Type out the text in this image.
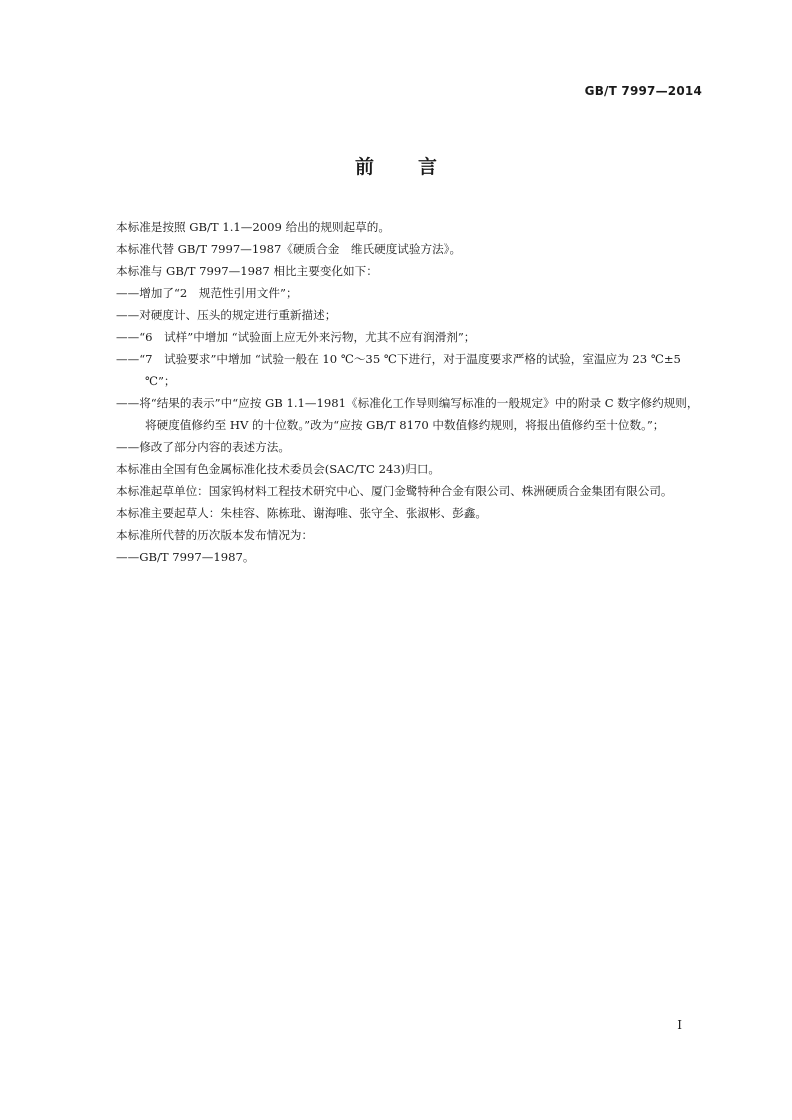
GB/T 7997—2014
前 言

本标准是按照 GB/T 1.1—2009 给出的规则起草的。

本标准代替 GB/T 7997—1987《硬质合金　维氏硬度试验方法》。

本标准与 GB/T 7997—1987 相比主要变化如下：

——增加了“2　规范性引用文件”；

——对硬度计、压头的规定进行重新描述；

——“6　试样”中增加 “试验面上应无外来污物，尤其不应有润滑剂”；

——“7　试验要求”中增加 “试验一般在 10 ℃～35 ℃下进行，对于温度要求严格的试验，室温应为 23 ℃±5 ℃”；

——将“结果的表示”中“应按 GB 1.1—1981《标准化工作导则编写标准的一般规定》中的附录 C 数字修约规则，将硬度值修约至 HV 的十位数。”改为“应按 GB/T 8170 中数值修约规则，将报出值修约至十位数。”；

——修改了部分内容的表述方法。

本标准由全国有色金属标准化技术委员会(SAC/TC 243)归口。

本标准起草单位：国家钨材料工程技术研究中心、厦门金鹭特种合金有限公司、株洲硬质合金集团有限公司。

本标准主要起草人：朱桂容、陈栋玭、谢海唯、张守全、张淑彬、彭鑫。

本标准所代替的历次版本发布情况为：

——GB/T 7997—1987。

I
